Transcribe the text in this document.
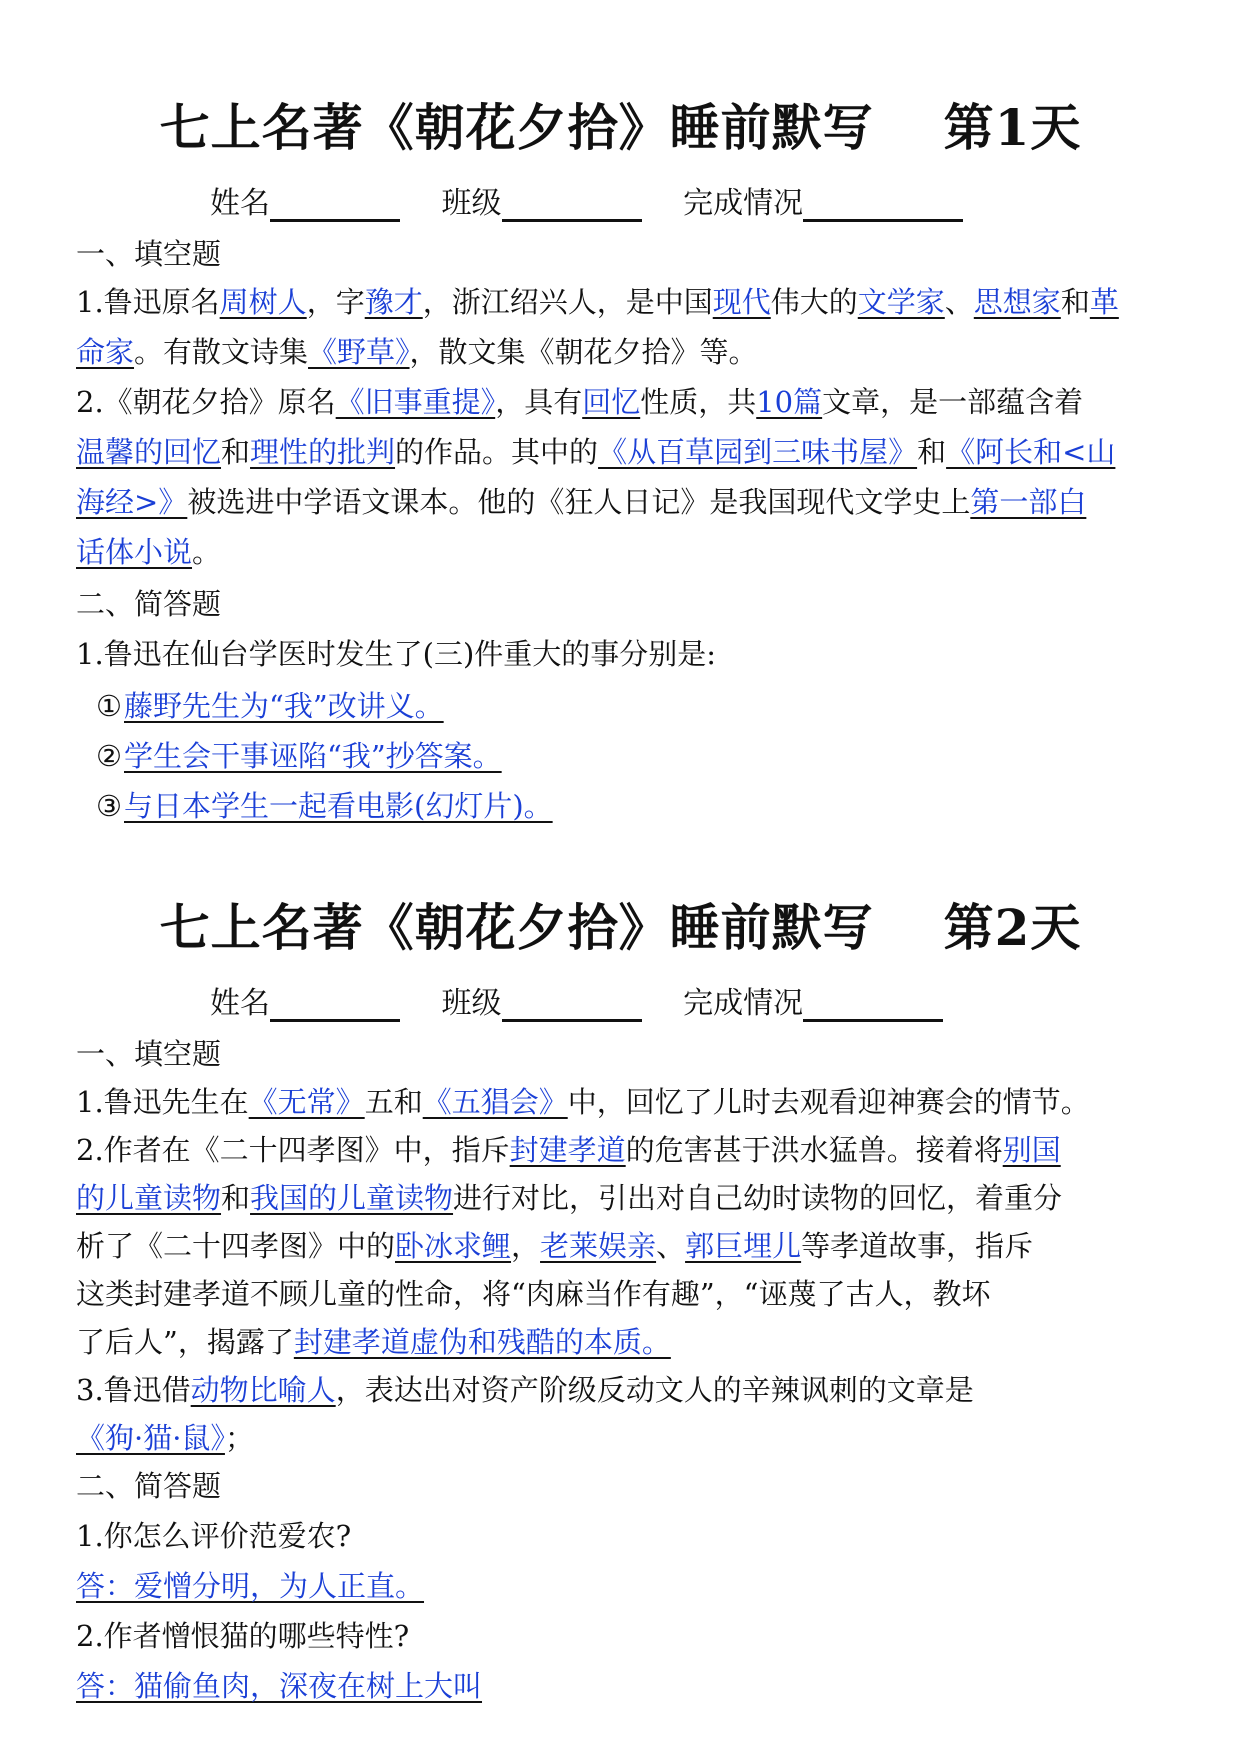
七上名著《朝花夕拾》睡前默写 第1天
姓名	班级	完成情况
一、填空题
1.鲁迅原名周树人，字豫才，浙江绍兴人，是中国现代伟大的文学家、思想家和革
命家。有散文诗集《野草》，散文集《朝花夕拾》等。
2.《朝花夕拾》原名《旧事重提》，具有回忆性质，共10篇文章，是一部蕴含着
温馨的回忆和理性的批判的作品。其中的《从百草园到三味书屋》和《阿长和<山
海经>》被选进中学语文课本。他的《狂人日记》是我国现代文学史上第一部白
话体小说。
二、简答题
1.鲁迅在仙台学医时发生了(三)件重大的事分别是:
①藤野先生为“我”改讲义。
②学生会干事诬陷“我”抄答案。
③与日本学生一起看电影(幻灯片)。
七上名著《朝花夕拾》睡前默写 第2天
姓名	班级	完成情况
一、填空题
1.鲁迅先生在《无常》五和《五猖会》中，回忆了儿时去观看迎神赛会的情节。
2.作者在《二十四孝图》中，指斥封建孝道的危害甚于洪水猛兽。接着将别国
的儿童读物和我国的儿童读物进行对比，引出对自己幼时读物的回忆，着重分
析了《二十四孝图》中的卧冰求鲤，老莱娱亲、郭巨埋儿等孝道故事，指斥
这类封建孝道不顾儿童的性命，将“肉麻当作有趣”，“诬蔑了古人，教坏
了后人”，揭露了封建孝道虚伪和残酷的本质。
3.鲁迅借动物比喻人，表达出对资产阶级反动文人的辛辣讽刺的文章是
《狗·猫·鼠》；
二、简答题
1.你怎么评价范爱农?
答：爱憎分明，为人正直。
2.作者憎恨猫的哪些特性?
答：猫偷鱼肉，深夜在树上大叫
